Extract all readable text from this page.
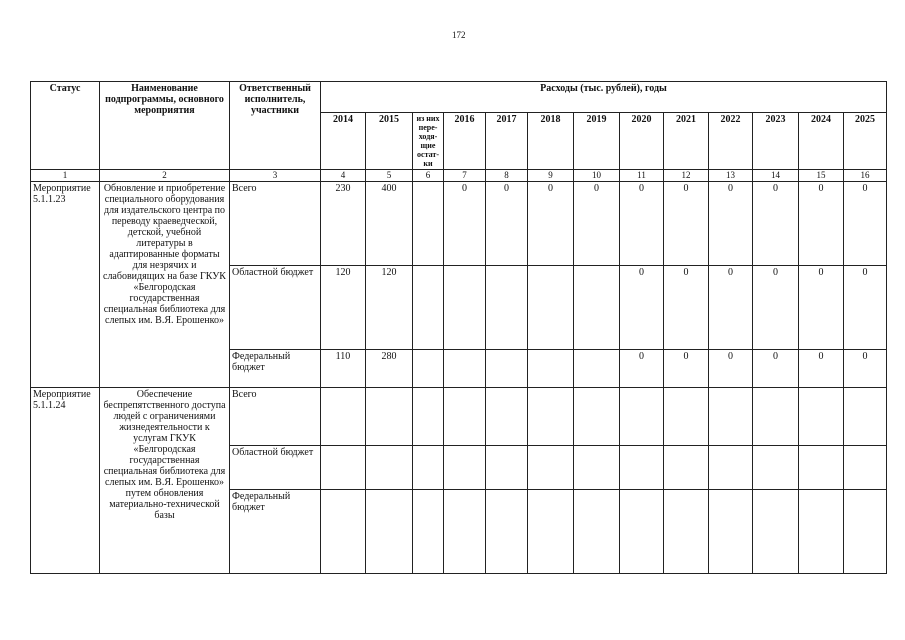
172
Статус	Наименование подпрограммы, основного мероприятия	Ответственный исполнитель, участники	Расходы (тыс. рублей), годы												
			2014	2015	из них пере- ходя- щие остат- ки	2016	2017	2018	2019	2020	2021	2022	2023	2024	2025
1	2	3	4	5	6	7	8	9	10	11	12	13	14	15	16
Мероприятие 5.1.1.23	Обновление и приобретение специального оборудования для издательского центра по переводу краеведческой, детской, учебной литературы в адаптированные форматы для незрячих и слабовидящих на базе ГКУК «Белгородская государственная специальная библиотека для слепых им. В.Я. Ерошенко»	Всего	230	400		0	0	0	0	0	0	0	0	0	0
		Областной бюджет	120	120						0	0	0	0	0	0
		Федеральный бюджет	110	280						0	0	0	0	0	0
Мероприятие 5.1.1.24	Обеспечение беспрепятственного доступа людей с ограничениями жизнедеятельности к услугам ГКУК «Белгородская государственная специальная библиотека для слепых им. В.Я. Ерошенко» путем обновления материально-технической базы	Всего													
		Областной бюджет													
		Федеральный бюджет													
